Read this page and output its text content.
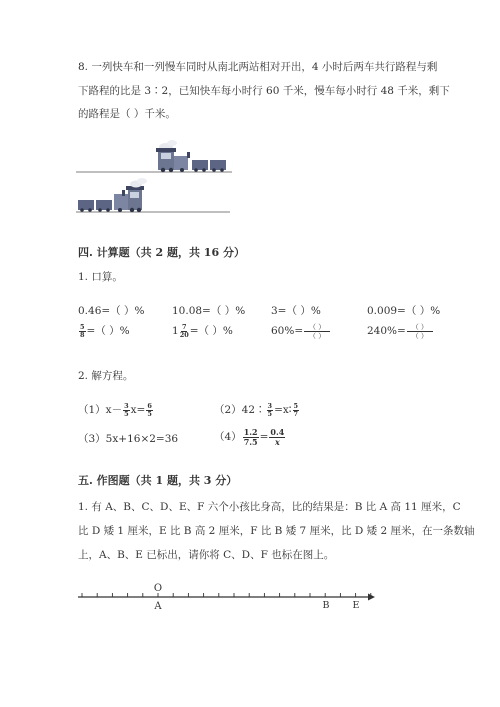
8. 一列快车和一列慢车同时从南北两站相对开出，4 小时后两车共行路程与剩
下路程的比是 3∶2，已知快车每小时行 60 千米，慢车每小时行 48 千米，剩下
的路程是（ ）千米。
四. 计算题（共 2 题，共 16 分）
1. 口算。
0.46=（ ）%	10.08=（ ）% 3=（ ）%	0.009=（ ）%
$\frac{5}{8}$ =（ ）%	$1 \frac{7}{20}$ =（ ）%	$60\%= \frac{( )}{( )}$	$240\%= \frac{( )}{( )}$
2. 解方程。
$(1)x- \frac{3}{5} x= \frac{6}{5}$	（2）42∶ $\frac{3}{5}$ =x∶ $\frac{5}{7}$
（3）5x+16×2=36	$(4) \frac{1.2}{7.5} = \frac{0.4}{x}$
五. 作图题（共 1 题，共 3 分）
1. 有 A、B、C、D、E、F 六个小孩比身高，比的结果是：B 比 A 高 11 厘米，C
比 D 矮 1 厘米，E 比 B 高 2 厘米，F 比 B 矮 7 厘米，比 D 矮 2 厘米，在一条数轴
上，A、B、E 已标出，请你将 C、D、F 也标在图上。
O
A	B E
